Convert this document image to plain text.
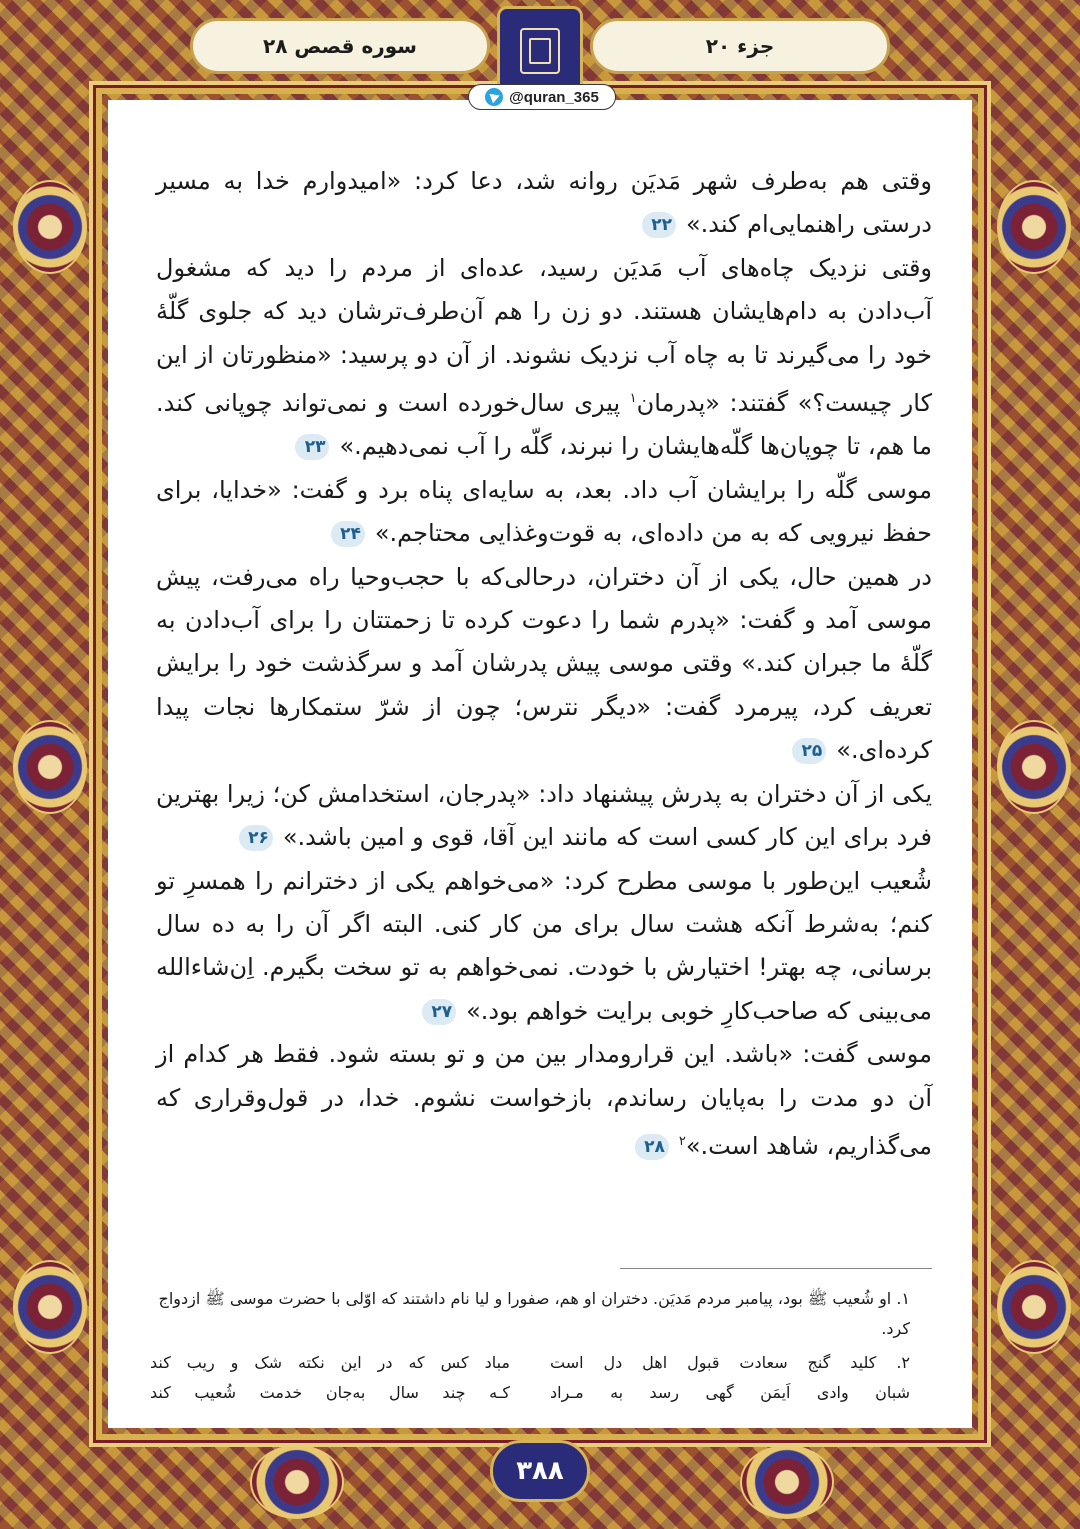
سوره قصص ۲۸	جزء ۲۰
@quran_365

وقتی هم به‌طرف شهر مَدیَن روانه شد، دعا کرد: «امیدوارم خدا به مسیر درستی راهنمایی‌ام کند.»۲۲

وقتی نزدیک چاه‌های آب مَدیَن رسید، عده‌ای از مردم را دید که مشغول آب‌دادن به دام‌هایشان هستند. دو زن را هم آن‌طرف‌ترشان دید که جلوی گلّهٔ خود را می‌گیرند تا به چاه آب نزدیک نشوند. از آن دو پرسید: «منظورتان از این کار چیست؟» گفتند: «پدرمان$^۱$ پیری سال‌خورده است و نمی‌تواند چوپانی کند. ما هم، تا چوپان‌ها گلّه‌هایشان را نبرند، گلّه را آب نمی‌دهیم.»۲۳

موسی گلّه را برایشان آب داد. بعد، به سایه‌ای پناه برد و گفت: «خدایا، برای حفظ نیرویی که به من داده‌ای، به قوت‌وغذایی محتاجم.»۲۴

در همین حال، یکی از آن دختران، درحالی‌که با حجب‌وحیا راه می‌رفت، پیش موسی آمد و گفت: «پدرم شما را دعوت کرده تا زحمتتان را برای آب‌دادن به گلّهٔ ما جبران کند.» وقتی موسی پیش پدرشان آمد و سرگذشت خود را برایش تعریف کرد، پیرمرد گفت: «دیگر نترس؛ چون از شرّ ستمکارها نجات پیدا کرده‌ای.»۲۵

یکی از آن دختران به پدرش پیشنهاد داد: «پدرجان، استخدامش کن؛ زیرا بهترین فرد برای این کار کسی است که مانند این آقا، قوی و امین باشد.»۲۶

شُعیب این‌طور با موسی مطرح کرد: «می‌خواهم یکی از دخترانم را همسرِ تو کنم؛ به‌شرط آنکه هشت سال برای من کار کنی. البته اگر آن را به ده سال برسانی، چه بهتر! اختیارش با خودت. نمی‌خواهم به تو سخت بگیرم. اِن‌شاءالله می‌بینی که صاحب‌کارِ خوبی برایت خواهم بود.»۲۷

موسی گفت: «باشد. این قرارومدار بین من و تو بسته شود. فقط هر کدام از آن دو مدت را به‌پایان رساندم، بازخواست نشوم. خدا، در قول‌وقراری که می‌گذاریم، شاهد است.»$^۲$۲۸

۱. او شُعیب ﷺ بود، پیامبر مردم مَدیَن. دختران او هم، صفورا و لیا نام داشتند که اوّلی با حضرت موسی ﷺ ازدواج کرد.

۲. کلید گنج سعادت قبول اهل دل است

شبان وادی اَیمَن گهی رسد به مـراد

مباد کس که در این نکته شک و ریب کند

کـه چند سال به‌جان خدمت شُعیب کند

۳۸۸
